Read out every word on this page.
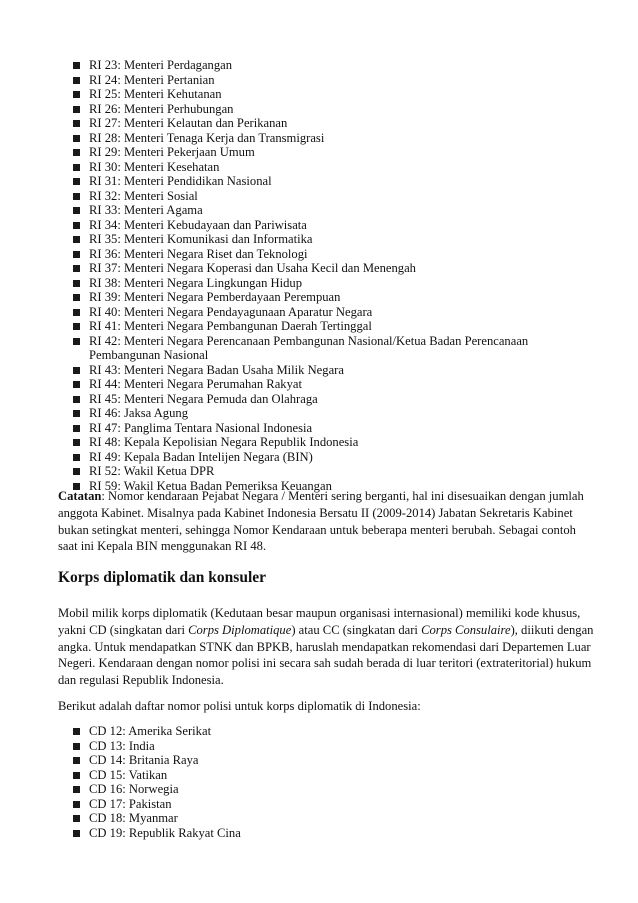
RI 23: Menteri Perdagangan
RI 24: Menteri Pertanian
RI 25: Menteri Kehutanan
RI 26: Menteri Perhubungan
RI 27: Menteri Kelautan dan Perikanan
RI 28: Menteri Tenaga Kerja dan Transmigrasi
RI 29: Menteri Pekerjaan Umum
RI 30: Menteri Kesehatan
RI 31: Menteri Pendidikan Nasional
RI 32: Menteri Sosial
RI 33: Menteri Agama
RI 34: Menteri Kebudayaan dan Pariwisata
RI 35: Menteri Komunikasi dan Informatika
RI 36: Menteri Negara Riset dan Teknologi
RI 37: Menteri Negara Koperasi dan Usaha Kecil dan Menengah
RI 38: Menteri Negara Lingkungan Hidup
RI 39: Menteri Negara Pemberdayaan Perempuan
RI 40: Menteri Negara Pendayagunaan Aparatur Negara
RI 41: Menteri Negara Pembangunan Daerah Tertinggal
RI 42: Menteri Negara Perencanaan Pembangunan Nasional/Ketua Badan Perencanaan Pembangunan Nasional
RI 43: Menteri Negara Badan Usaha Milik Negara
RI 44: Menteri Negara Perumahan Rakyat
RI 45: Menteri Negara Pemuda dan Olahraga
RI 46: Jaksa Agung
RI 47: Panglima Tentara Nasional Indonesia
RI 48: Kepala Kepolisian Negara Republik Indonesia
RI 49: Kepala Badan Intelijen Negara (BIN)
RI 52: Wakil Ketua DPR
RI 59: Wakil Ketua Badan Pemeriksa Keuangan

Catatan: Nomor kendaraan Pejabat Negara / Menteri sering berganti, hal ini disesuaikan dengan jumlah anggota Kabinet. Misalnya pada Kabinet Indonesia Bersatu II (2009-2014) Jabatan Sekretaris Kabinet bukan setingkat menteri, sehingga Nomor Kendaraan untuk beberapa menteri berubah. Sebagai contoh saat ini Kepala BIN menggunakan RI 48.

Korps diplomatik dan konsuler

Mobil milik korps diplomatik (Kedutaan besar maupun organisasi internasional) memiliki kode khusus, yakni CD (singkatan dari Corps Diplomatique) atau CC (singkatan dari Corps Consulaire), diikuti dengan angka. Untuk mendapatkan STNK dan BPKB, haruslah mendapatkan rekomendasi dari Departemen Luar Negeri. Kendaraan dengan nomor polisi ini secara sah sudah berada di luar teritori (extrateritorial) hukum dan regulasi Republik Indonesia.

Berikut adalah daftar nomor polisi untuk korps diplomatik di Indonesia:

CD 12: Amerika Serikat
CD 13: India
CD 14: Britania Raya
CD 15: Vatikan
CD 16: Norwegia
CD 17: Pakistan
CD 18: Myanmar
CD 19: Republik Rakyat Cina
